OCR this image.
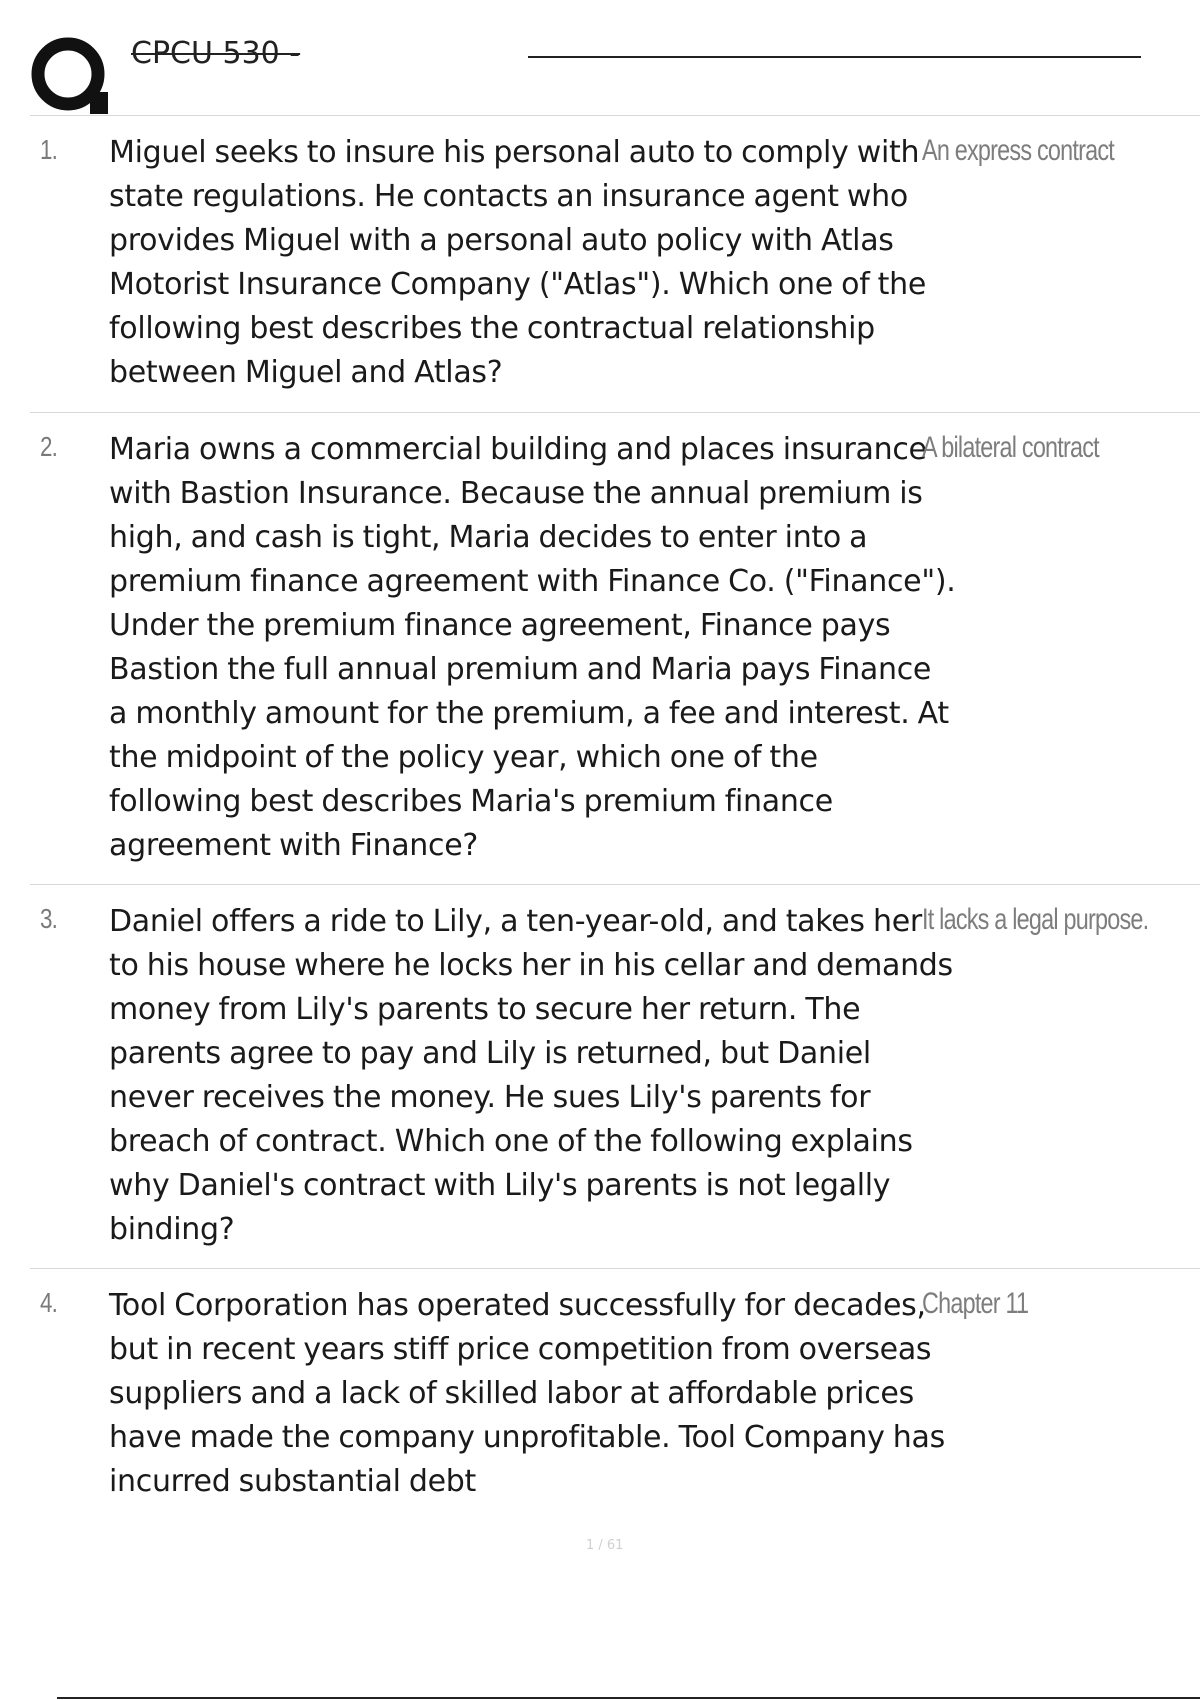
CPCU 530 -
1. Miguel seeks to insure his personal auto to comply with state regulations. He contacts an insurance agent who provides Miguel with a personal auto policy with Atlas Motorist Insurance Company ("Atlas"). Which one of the following best describes the contractual relationship between Miguel and Atlas?
An express contract
2. Maria owns a commercial building and places insurance with Bastion Insurance. Because the annual premium is high, and cash is tight, Maria decides to enter into a premium finance agreement with Finance Co. ("Finance"). Under the premium finance agreement, Finance pays Bastion the full annual premium and Maria pays Finance a monthly amount for the premium, a fee and interest. At the midpoint of the policy year, which one of the following best describes Maria's premium finance agreement with Finance?
A bilateral contract
3. Daniel offers a ride to Lily, a ten-year-old, and takes her to his house where he locks her in his cellar and demands money from Lily's parents to secure her return. The parents agree to pay and Lily is returned, but Daniel never receives the money. He sues Lily's parents for breach of contract. Which one of the following explains why Daniel's contract with Lily's parents is not legally binding?
It lacks a legal purpose.
4. Tool Corporation has operated successfully for decades, but in recent years stiff price competition from overseas suppliers and a lack of skilled labor at affordable prices have made the company unprofitable. Tool Company has incurred substantial debt
Chapter 11
1 / 61
